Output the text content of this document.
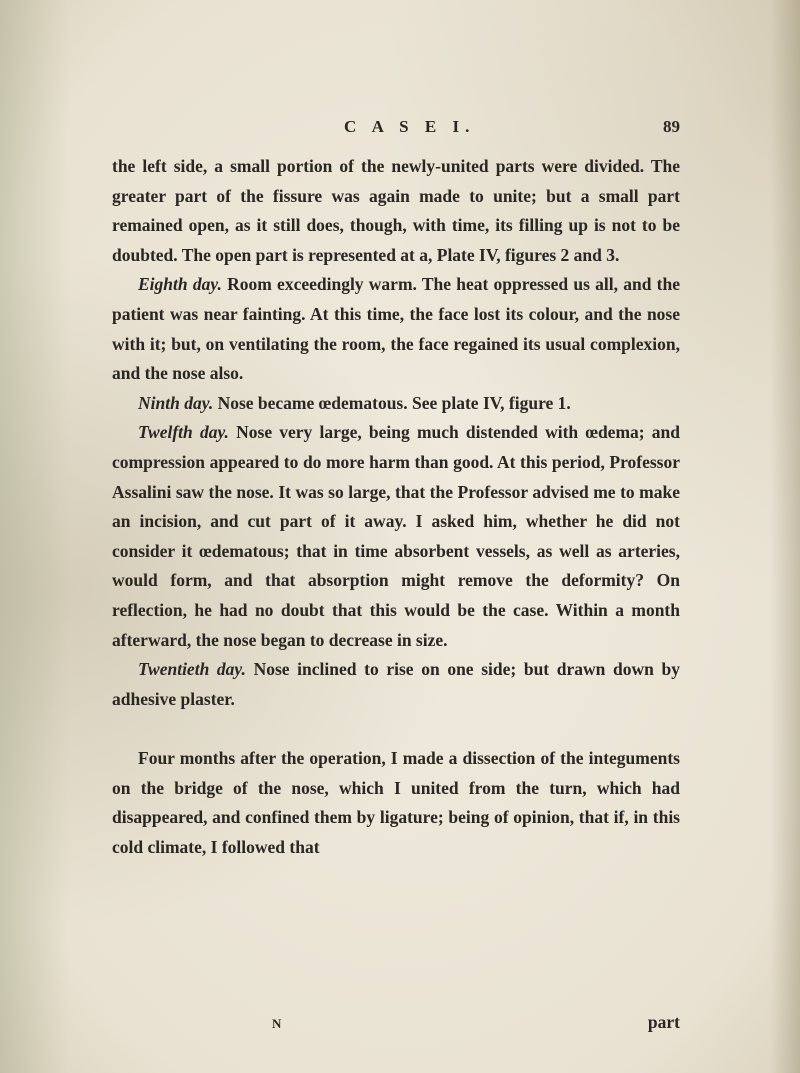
C A S E I.	89

the left side, a small portion of the newly-united parts were divided. The greater part of the fissure was again made to unite; but a small part remained open, as it still does, though, with time, its filling up is not to be doubted. The open part is represented at a, Plate IV, figures 2 and 3.

Eighth day. Room exceedingly warm. The heat oppressed us all, and the patient was near fainting. At this time, the face lost its colour, and the nose with it; but, on ventilating the room, the face regained its usual complexion, and the nose also.

Ninth day. Nose became œdematous. See plate IV, figure 1.

Twelfth day. Nose very large, being much distended with œdema; and compression appeared to do more harm than good. At this period, Professor Assalini saw the nose. It was so large, that the Professor advised me to make an incision, and cut part of it away. I asked him, whether he did not consider it œdematous; that in time absorbent vessels, as well as arteries, would form, and that absorption might remove the deformity? On reflection, he had no doubt that this would be the case. Within a month afterward, the nose began to decrease in size.

Twentieth day. Nose inclined to rise on one side; but drawn down by adhesive plaster.

Four months after the operation, I made a dissection of the integuments on the bridge of the nose, which I united from the turn, which had disappeared, and confined them by ligature; being of opinion, that if, in this cold climate, I followed that

N	part
